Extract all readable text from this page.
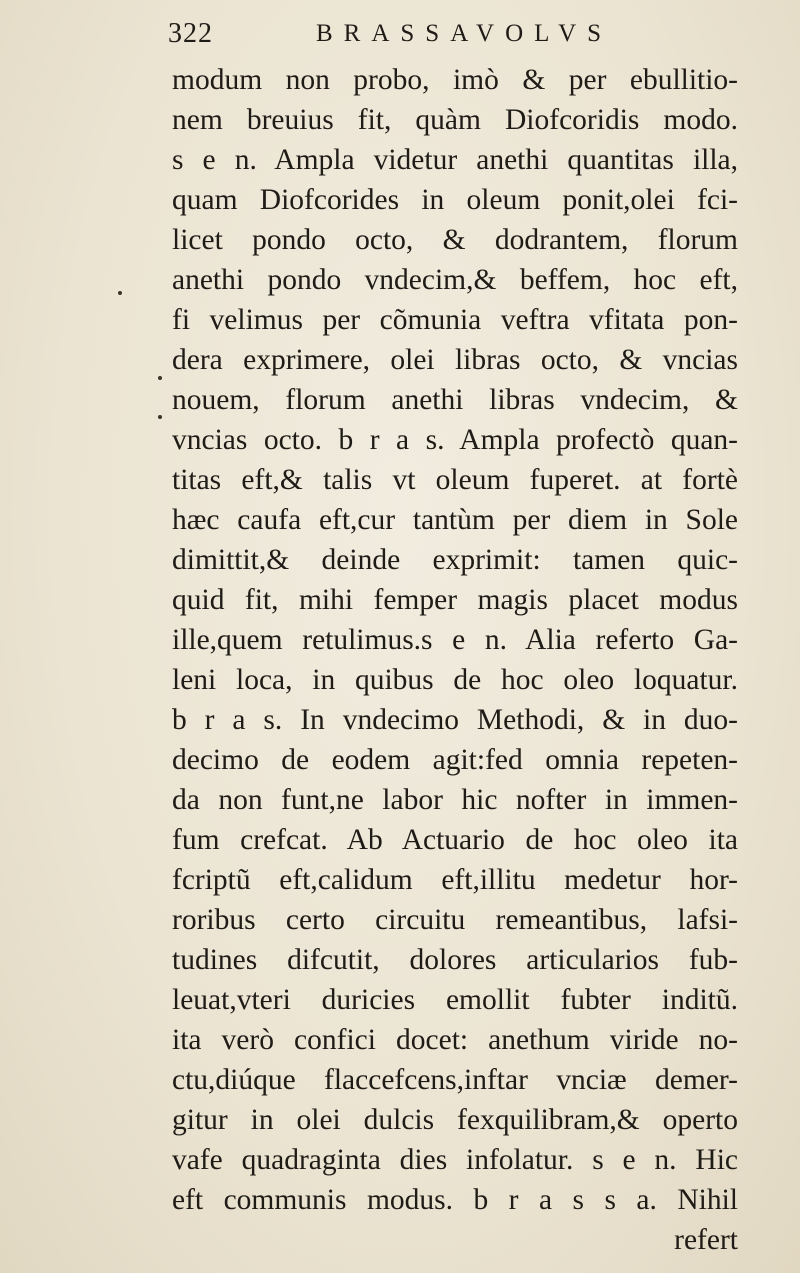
322	BRASSAVOLVS
modum non probo, imò & per ebullitio-
nem breuius fit, quàm Diofcoridis modo.
s e n. Ampla videtur anethi quantitas illa,
quam Diofcorides in oleum ponit,olei fci-
licet pondo octo, & dodrantem, florum
anethi pondo vndecim,& beffem, hoc eft,
fi velimus per cõmunia veftra vfitata pon-
dera exprimere, olei libras octo, & vncias
nouem, florum anethi libras vndecim, &
vncias octo. b r a s. Ampla profectò quan-
titas eft,& talis vt oleum fuperet. at fortè
hæc caufa eft,cur tantùm per diem in Sole
dimittit,& deinde exprimit: tamen quic-
quid fit, mihi femper magis placet modus
ille,quem retulimus.s e n. Alia referto Ga-
leni loca, in quibus de hoc oleo loquatur.
b r a s. In vndecimo Methodi, & in duo-
decimo de eodem agit:fed omnia repeten-
da non funt,ne labor hic nofter in immen-
fum crefcat. Ab Actuario de hoc oleo ita
fcriptũ eft,calidum eft,illitu medetur hor-
roribus certo circuitu remeantibus, lafsi-
tudines difcutit, dolores articularios fub-
leuat,vteri duricies emollit fubter inditũ.
ita verò confici docet: anethum viride no-
ctu,diúque flaccefcens,inftar vnciæ demer-
gitur in olei dulcis fexquilibram,& operto
vafe quadraginta dies infolatur. s e n. Hic
eft communis modus. b r a s s a. Nihil
refert
